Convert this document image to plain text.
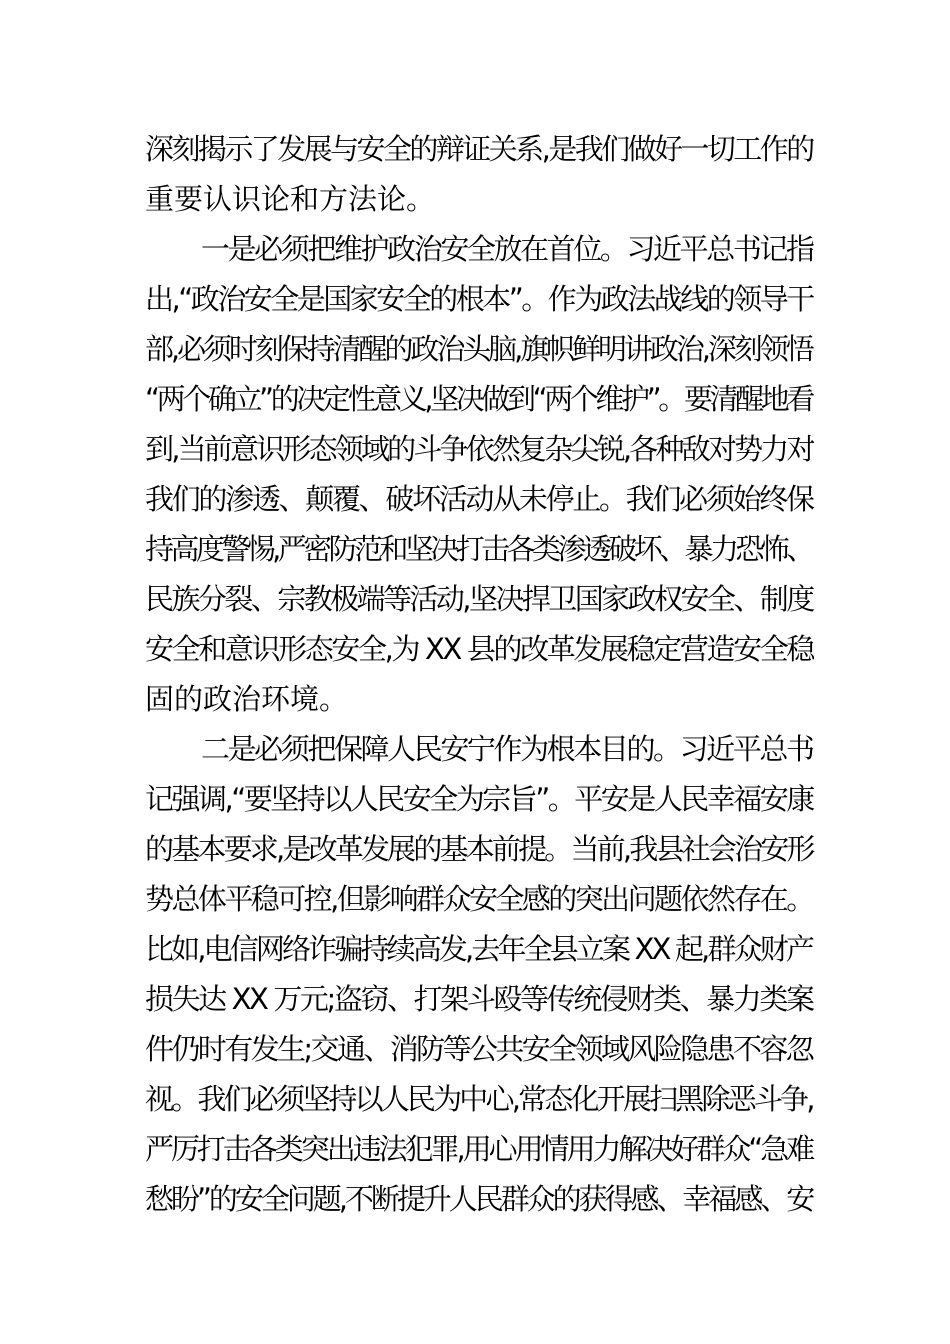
深刻揭示了发展与安全的辩证关系,是我们做好一切工作的
重要认识论和方法论。
一是必须把维护政治安全放在首位。习近平总书记指
出,“政治安全是国家安全的根本”。作为政法战线的领导干
部,必须时刻保持清醒的政治头脑,旗帜鲜明讲政治,深刻领悟
“两个确立”的决定性意义,坚决做到“两个维护”。要清醒地看
到,当前意识形态领域的斗争依然复杂尖锐,各种敌对势力对
我们的渗透、颠覆、破坏活动从未停止。我们必须始终保
持高度警惕,严密防范和坚决打击各类渗透破坏、暴力恐怖、
民族分裂、宗教极端等活动,坚决捍卫国家政权安全、制度
安全和意识形态安全,为 XX 县的改革发展稳定营造安全稳
固的政治环境。
二是必须把保障人民安宁作为根本目的。习近平总书
记强调,“要坚持以人民安全为宗旨”。平安是人民幸福安康
的基本要求,是改革发展的基本前提。当前,我县社会治安形
势总体平稳可控,但影响群众安全感的突出问题依然存在。
比如,电信网络诈骗持续高发,去年全县立案 XX 起,群众财产
损失达 XX 万元;盗窃、打架斗殴等传统侵财类、暴力类案
件仍时有发生;交通、消防等公共安全领域风险隐患不容忽
视。我们必须坚持以人民为中心,常态化开展扫黑除恶斗争,
严厉打击各类突出违法犯罪,用心用情用力解决好群众“急难
愁盼”的安全问题,不断提升人民群众的获得感、幸福感、安
